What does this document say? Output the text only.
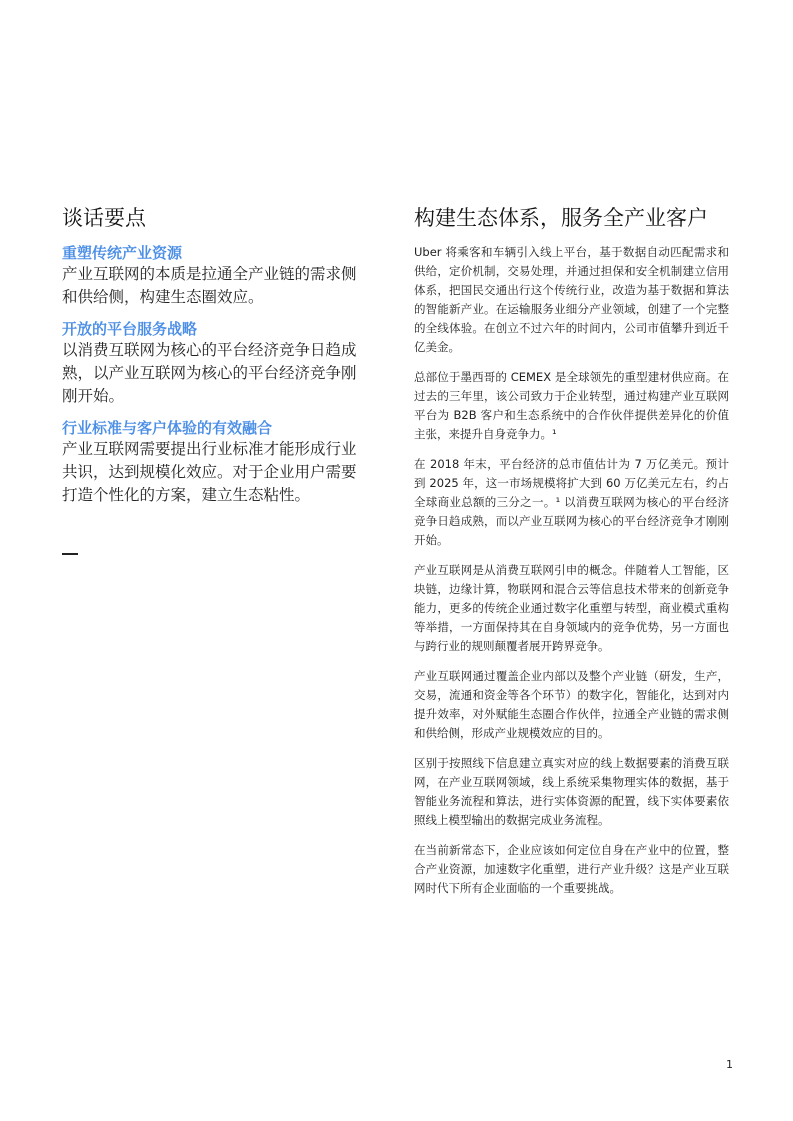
谈话要点

重塑传统产业资源

产业互联网的本质是拉通全产业链的需求侧和供给侧，构建生态圈效应。

开放的平台服务战略

以消费互联网为核心的平台经济竞争日趋成熟，以产业互联网为核心的平台经济竞争刚刚开始。

行业标准与客户体验的有效融合

产业互联网需要提出行业标准才能形成行业共识，达到规模化效应。对于企业用户需要打造个性化的方案，建立生态粘性。

构建生态体系，服务全产业客户

Uber 将乘客和车辆引入线上平台，基于数据自动匹配需求和供给，定价机制，交易处理，并通过担保和安全机制建立信用体系，把国民交通出行这个传统行业，改造为基于数据和算法的智能新产业。在运输服务业细分产业领域，创建了一个完整的全线体验。在创立不过六年的时间内，公司市值攀升到近千亿美金。

总部位于墨西哥的 CEMEX 是全球领先的重型建材供应商。在过去的三年里，该公司致力于企业转型，通过构建产业互联网平台为 B2B 客户和生态系统中的合作伙伴提供差异化的价值主张，来提升自身竞争力。¹

在 2018 年末，平台经济的总市值估计为 7 万亿美元。预计到 2025 年，这一市场规模将扩大到 60 万亿美元左右，约占全球商业总额的三分之一。¹ 以消费互联网为核心的平台经济竞争日趋成熟，而以产业互联网为核心的平台经济竞争才刚刚开始。

产业互联网是从消费互联网引申的概念。伴随着人工智能，区块链，边缘计算，物联网和混合云等信息技术带来的创新竞争能力，更多的传统企业通过数字化重塑与转型，商业模式重构等举措，一方面保持其在自身领域内的竞争优势，另一方面也与跨行业的规则颠覆者展开跨界竞争。

产业互联网通过覆盖企业内部以及整个产业链（研发，生产，交易，流通和资金等各个环节）的数字化，智能化，达到对内提升效率，对外赋能生态圈合作伙伴，拉通全产业链的需求侧和供给侧，形成产业规模效应的目的。

区别于按照线下信息建立真实对应的线上数据要素的消费互联网，在产业互联网领域，线上系统采集物理实体的数据，基于智能业务流程和算法，进行实体资源的配置，线下实体要素依照线上模型输出的数据完成业务流程。

在当前新常态下，企业应该如何定位自身在产业中的位置，整合产业资源，加速数字化重塑，进行产业升级？这是产业互联网时代下所有企业面临的一个重要挑战。

1
